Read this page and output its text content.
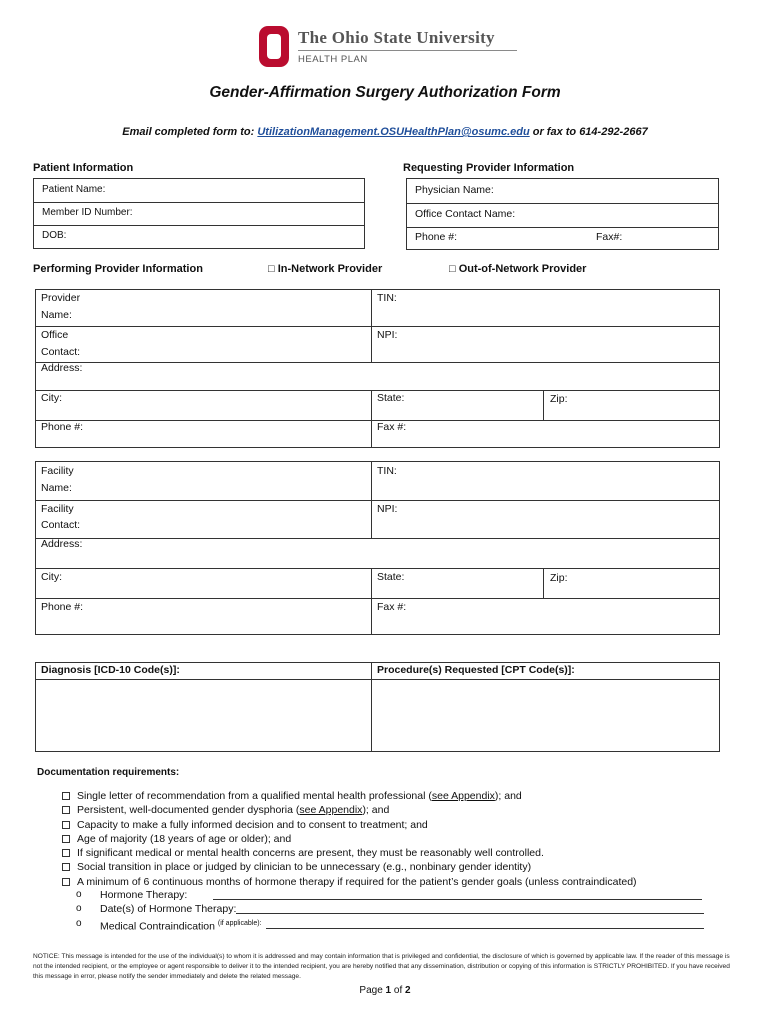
The Ohio State University
HEALTH PLAN
Gender-Affirmation Surgery Authorization Form
Email completed form to: UtilizationManagement.OSUHealthPlan@osumc.edu or fax to 614-292-2667
Patient Information
Patient Name:
Member ID Number:
DOB:
Requesting Provider Information
Physician Name:
Office Contact Name:
Phone #:	Fax#:
Performing Provider Information	□ In-Network Provider	□ Out-of-Network Provider
Provider
Name:
TIN:
Office
Contact:
NPI:
Address:
City:	State:	Zip:
Phone #:	Fax #:
Facility
Name:
TIN:
Facility
Contact:
NPI:
Address:
City:	State:	Zip:
Phone #:	Fax #:
Diagnosis [ICD-10 Code(s)]:	Procedure(s) Requested [CPT Code(s)]:
Documentation requirements:
Single letter of recommendation from a qualified mental health professional (see Appendix); and
Persistent, well-documented gender dysphoria (see Appendix); and
Capacity to make a fully informed decision and to consent to treatment; and
Age of majority (18 years of age or older); and
If significant medical or mental health concerns are present, they must be reasonably well controlled.
Social transition in place or judged by clinician to be unnecessary (e.g., nonbinary gender identity)
A minimum of 6 continuous months of hormone therapy if required for the patient’s gender goals (unless contraindicated)
o Hormone Therapy:
o Date(s) of Hormone Therapy:
o Medical Contraindication $^{(if applicable):}$
NOTICE: This message is intended for the use of the individual(s) to whom it is addressed and may contain information that is privileged and confidential, the disclosure of which is governed by applicable law. If the reader of this message is not the intended recipient, or the employee or agent responsible to deliver it to the intended recipient, you are hereby notified that any dissemination, distribution or copying of this information is STRICTLY PROHIBITED. If you have received this message in error, please notify the sender immediately and delete the related message.
Page 1 of 2
